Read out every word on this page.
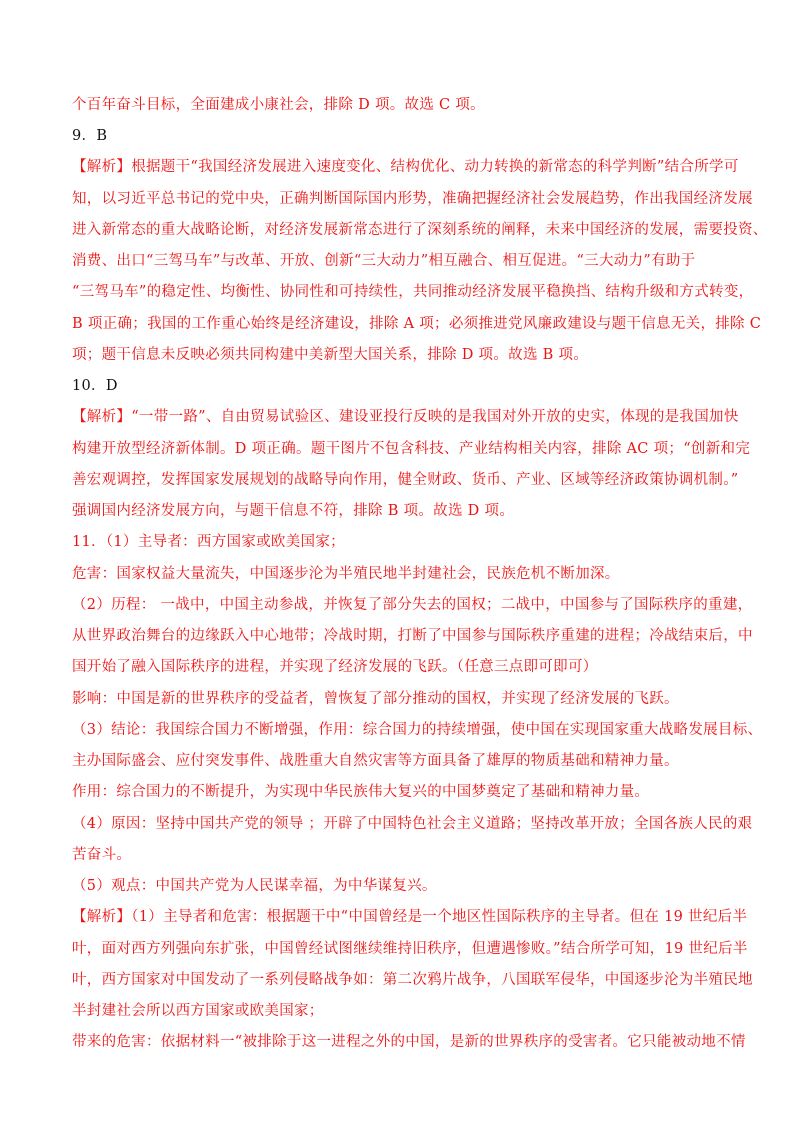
个百年奋斗目标，全面建成小康社会，排除 D 项。故选 C 项。
9．B
【解析】根据题干“我国经济发展进入速度变化、结构优化、动力转换的新常态的科学判断”结合所学可
知，以习近平总书记的党中央，正确判断国际国内形势，准确把握经济社会发展趋势，作出我国经济发展
进入新常态的重大战略论断，对经济发展新常态进行了深刻系统的阐释，未来中国经济的发展，需要投资、
消费、出口“三驾马车”与改革、开放、创新“三大动力”相互融合、相互促进。“三大动力”有助于
“三驾马车”的稳定性、均衡性、协同性和可持续性，共同推动经济发展平稳换挡、结构升级和方式转变，
B 项正确；我国的工作重心始终是经济建设，排除 A 项；必须推进党风廉政建设与题干信息无关，排除 C
项；题干信息未反映必须共同构建中美新型大国关系，排除 D 项。故选 B 项。
10．D
【解析】“一带一路”、自由贸易试验区、建设亚投行反映的是我国对外开放的史实，体现的是我国加快
构建开放型经济新体制。D 项正确。题干图片不包含科技、产业结构相关内容，排除 AC 项；“创新和完
善宏观调控，发挥国家发展规划的战略导向作用，健全财政、货币、产业、区域等经济政策协调机制。”
强调国内经济发展方向，与题干信息不符，排除 B 项。故选 D 项。
11．（1）主导者：西方国家或欧美国家；
危害：国家权益大量流失，中国逐步沦为半殖民地半封建社会，民族危机不断加深。
（2）历程： 一战中，中国主动参战，并恢复了部分失去的国权；二战中，中国参与了国际秩序的重建，
从世界政治舞台的边缘跃入中心地带；冷战时期，打断了中国参与国际秩序重建的进程；冷战结束后，中
国开始了融入国际秩序的进程，并实现了经济发展的飞跃。（任意三点即可即可）
影响：中国是新的世界秩序的受益者，曾恢复了部分推动的国权，并实现了经济发展的飞跃。
（3）结论：我国综合国力不断增强，作用：综合国力的持续增强，使中国在实现国家重大战略发展目标、
主办国际盛会、应付突发事件、战胜重大自然灾害等方面具备了雄厚的物质基础和精神力量。
作用：综合国力的不断提升，为实现中华民族伟大复兴的中国梦奠定了基础和精神力量。
（4）原因：坚持中国共产党的领导 ；开辟了中国特色社会主义道路；坚持改革开放；全国各族人民的艰
苦奋斗。
（5）观点：中国共产党为人民谋幸福，为中华谋复兴。
【解析】（1）主导者和危害：根据题干中“中国曾经是一个地区性国际秩序的主导者。但在 19 世纪后半
叶，面对西方列强向东扩张，中国曾经试图继续维持旧秩序，但遭遇惨败。”结合所学可知，19 世纪后半
叶，西方国家对中国发动了一系列侵略战争如：第二次鸦片战争，八国联军侵华，中国逐步沦为半殖民地
半封建社会所以西方国家或欧美国家；
带来的危害：依据材料一“被排除于这一进程之外的中国，是新的世界秩序的受害者。它只能被动地不情
